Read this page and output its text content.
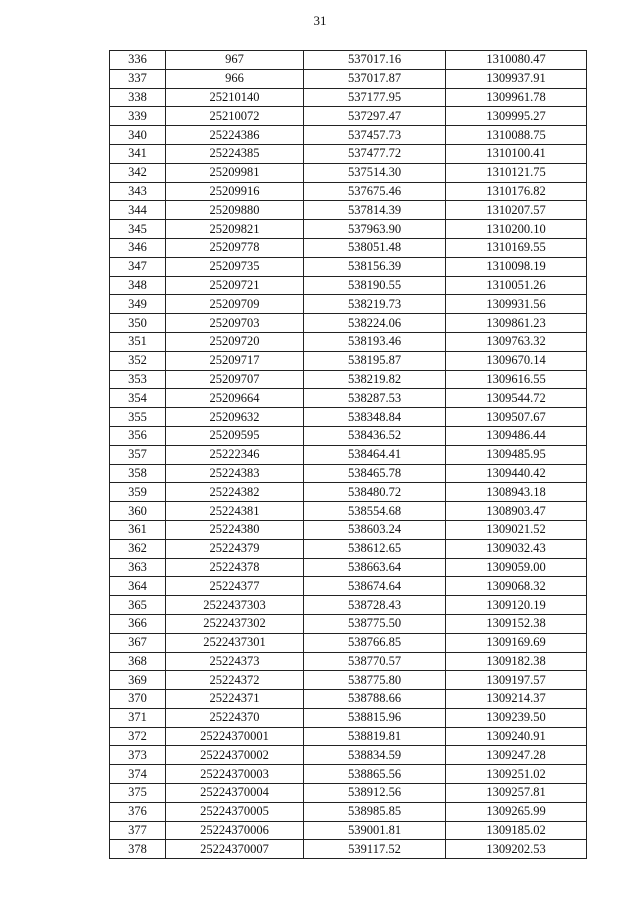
31
336	967	537017.16	1310080.47
337	966	537017.87	1309937.91
338	25210140	537177.95	1309961.78
339	25210072	537297.47	1309995.27
340	25224386	537457.73	1310088.75
341	25224385	537477.72	1310100.41
342	25209981	537514.30	1310121.75
343	25209916	537675.46	1310176.82
344	25209880	537814.39	1310207.57
345	25209821	537963.90	1310200.10
346	25209778	538051.48	1310169.55
347	25209735	538156.39	1310098.19
348	25209721	538190.55	1310051.26
349	25209709	538219.73	1309931.56
350	25209703	538224.06	1309861.23
351	25209720	538193.46	1309763.32
352	25209717	538195.87	1309670.14
353	25209707	538219.82	1309616.55
354	25209664	538287.53	1309544.72
355	25209632	538348.84	1309507.67
356	25209595	538436.52	1309486.44
357	25222346	538464.41	1309485.95
358	25224383	538465.78	1309440.42
359	25224382	538480.72	1308943.18
360	25224381	538554.68	1308903.47
361	25224380	538603.24	1309021.52
362	25224379	538612.65	1309032.43
363	25224378	538663.64	1309059.00
364	25224377	538674.64	1309068.32
365	2522437303	538728.43	1309120.19
366	2522437302	538775.50	1309152.38
367	2522437301	538766.85	1309169.69
368	25224373	538770.57	1309182.38
369	25224372	538775.80	1309197.57
370	25224371	538788.66	1309214.37
371	25224370	538815.96	1309239.50
372	25224370001	538819.81	1309240.91
373	25224370002	538834.59	1309247.28
374	25224370003	538865.56	1309251.02
375	25224370004	538912.56	1309257.81
376	25224370005	538985.85	1309265.99
377	25224370006	539001.81	1309185.02
378	25224370007	539117.52	1309202.53
